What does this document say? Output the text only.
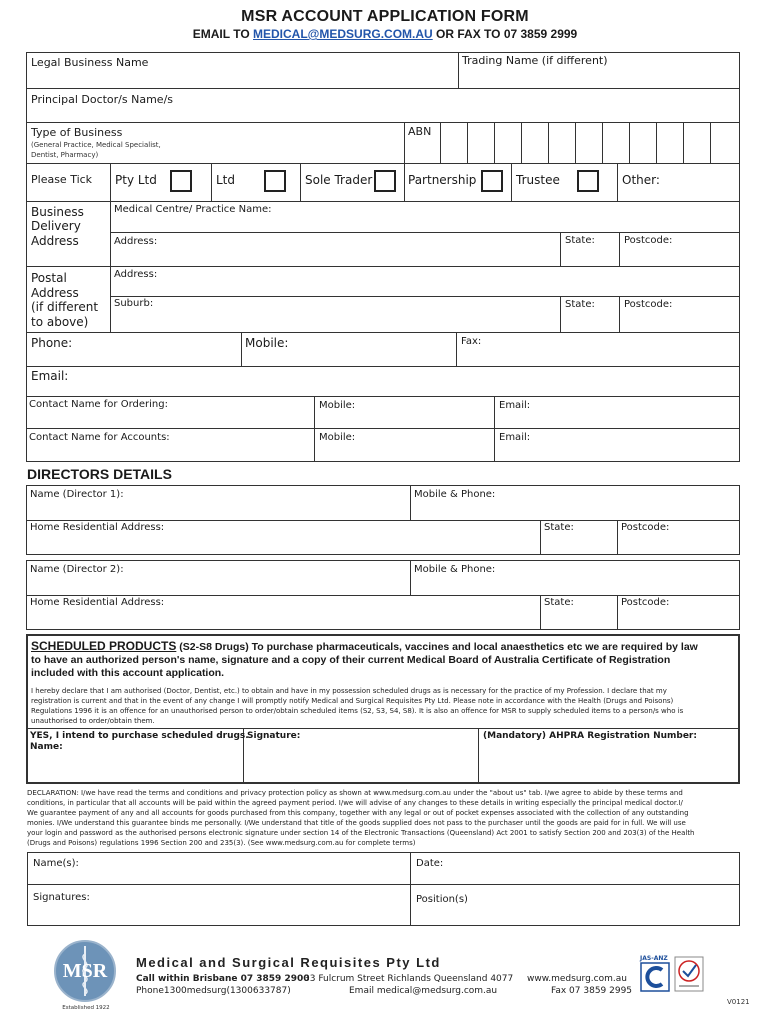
MSR ACCOUNT APPLICATION FORM
EMAIL TO MEDICAL@MEDSURG.COM.AU OR FAX TO 07 3859 2999
Legal Business Name	Trading Name (if different)
Principal Doctor/s Name/s
Type of Business
(General Practice, Medical Specialist,
Dentist, Pharmacy)
ABN
Please Tick Pty Ltd	Ltd	Sole Trader	Partnership	Trustee	Other:
Business
Delivery
Address
Medical Centre/ Practice Name:
Address:	State:	Postcode:
Postal
Address
(if different
to above)
Address:
Suburb:	State:	Postcode:
Phone:	Mobile:	Fax:
Email:
Contact Name for Ordering:	Mobile:	Email:
Contact Name for Accounts:	Mobile:	Email:
DIRECTORS DETAILS
Name (Director 1):	Mobile & Phone:
Home Residential Address:	State:	Postcode:
Name (Director 2):	Mobile & Phone:
Home Residential Address:	State:	Postcode:
SCHEDULED PRODUCTS (S2-S8 Drugs) To purchase pharmaceuticals, vaccines and local anaesthetics etc we are required by law
to have an authorized person's name, signature and a copy of their current Medical Board of Australia Certificate of Registration
included with this account application.
I hereby declare that I am authorised (Doctor, Dentist, etc.) to obtain and have in my possession scheduled drugs as is necessary for the practice of my Profession. I declare that my
registration is current and that in the event of any change I will promptly notify Medical and Surgical Requisites Pty Ltd. Please note in accordance with the Health (Drugs and Poisons)
Regulations 1996 it is an offence for an unauthorised person to order/obtain scheduled items (S2, S3, S4, S8). It is also an offence for MSR to supply scheduled items to a person/s who is
unauthorised to order/obtain them.
YES, I intend to purchase scheduled drugs.
Name:
Signature:	(Mandatory) AHPRA Registration Number:
DECLARATION: I/we have read the terms and conditions and privacy protection policy as shown at www.medsurg.com.au under the "about us" tab. I/we agree to abide by these terms and
conditions, in particular that all accounts will be paid within the agreed payment period. I/we will advise of any changes to these details in writing especially the principal medical doctor.I/
We guarantee payment of any and all accounts for goods purchased from this company, together with any legal or out of pocket expenses associated with the collection of any outstanding
monies. I/We understand this guarantee binds me personally. I/We understand that title of the goods supplied does not pass to the purchaser until the goods are paid for in full. We will use
your login and password as the authorised persons electronic signature under section 14 of the Electronic Transactions (Queensland) Act 2001 to satisfy Section 200 and 203(3) of the Health
(Drugs and Poisons) regulations 1996 Section 200 and 235(3). (See www.medsurg.com.au for complete terms)
Name(s):	Date:
Signatures:	Position(s)
MSR
Established 1922
Medical and Surgical Requisites Pty Ltd
Call within Brisbane 07 3859 2900
33 Fulcrum Street Richlands Queensland 4077 www.medsurg.com.au
Phone1300medsurg(1300633787)	Email medical@medsurg.com.au	Fax 07 3859 2995
JAS-ANZ
V0121
